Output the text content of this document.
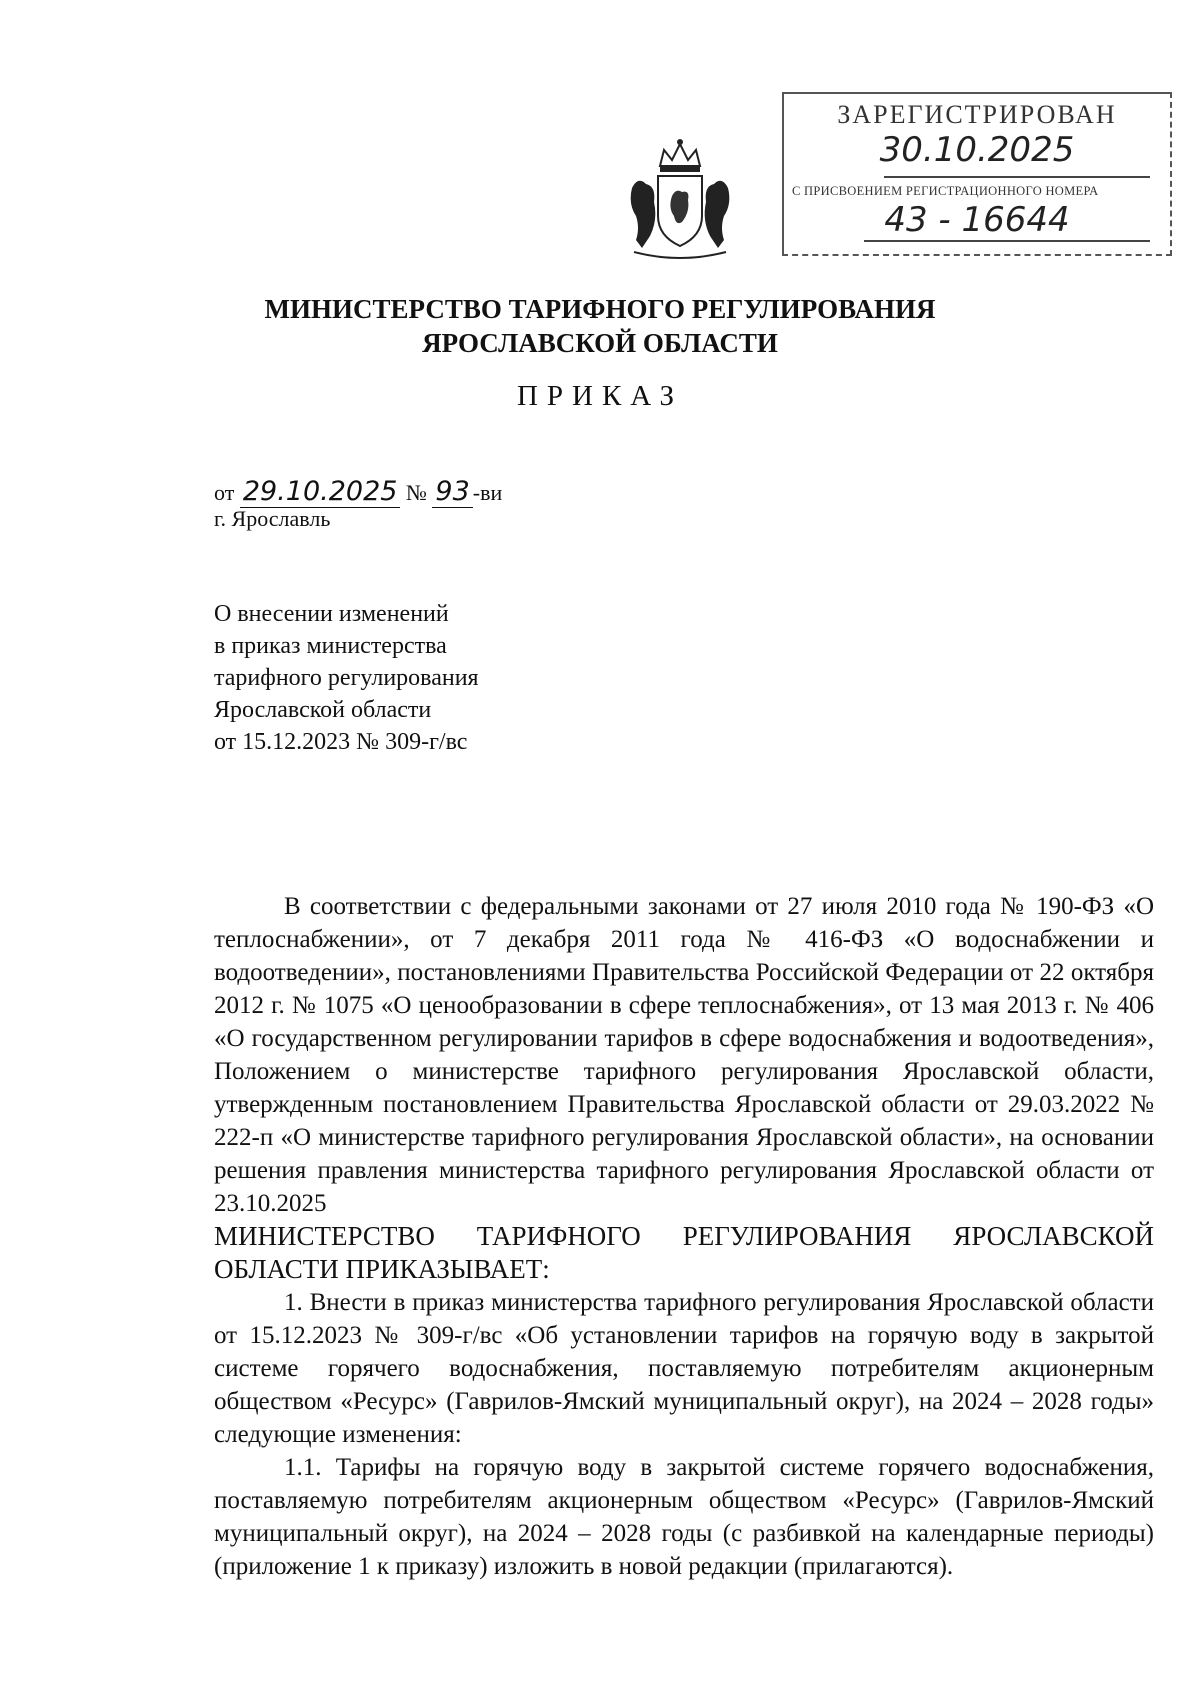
ЗАРЕГИСТРИРОВАН
30.10.2025
С ПРИСВОЕНИЕМ РЕГИСТРАЦИОННОГО НОМЕРА
43 - 16644
МИНИСТЕРСТВО ТАРИФНОГО РЕГУЛИРОВАНИЯ
ЯРОСЛАВСКОЙ ОБЛАСТИ
ПРИКАЗ
от 29.10.2025 № 93 -ви
г. Ярославль
О внесении изменений
в приказ министерства
тарифного регулирования
Ярославской области
от 15.12.2023 № 309-г/вс

В соответствии с федеральными законами от 27 июля 2010 года № 190-ФЗ «О теплоснабжении», от 7 декабря 2011 года № 416-ФЗ «О водоснабжении и водоотведении», постановлениями Правительства Российской Федерации от 22 октября 2012 г. № 1075 «О ценообразовании в сфере теплоснабжения», от 13 мая 2013 г. № 406 «О государственном регулировании тарифов в сфере водоснабжения и водоотведения», Положением о министерстве тарифного регулирования Ярославской области, утвержденным постановлением Правительства Ярославской области от 29.03.2022 № 222-п «О министерстве тарифного регулирования Ярославской области», на основании решения правления министерства тарифного регулирования Ярославской области от 23.10.2025

МИНИСТЕРСТВО ТАРИФНОГО РЕГУЛИРОВАНИЯ ЯРОСЛАВСКОЙ ОБЛАСТИ ПРИКАЗЫВАЕТ:

1. Внести в приказ министерства тарифного регулирования Ярославской области от 15.12.2023 № 309-г/вс «Об установлении тарифов на горячую воду в закрытой системе горячего водоснабжения, поставляемую потребителям акционерным обществом «Ресурс» (Гаврилов-Ямский муниципальный округ), на 2024 – 2028 годы» следующие изменения:

1.1. Тарифы на горячую воду в закрытой системе горячего водоснабжения, поставляемую потребителям акционерным обществом «Ресурс» (Гаврилов-Ямский муниципальный округ), на 2024 – 2028 годы (с разбивкой на календарные периоды) (приложение 1 к приказу) изложить в новой редакции (прилагаются).
